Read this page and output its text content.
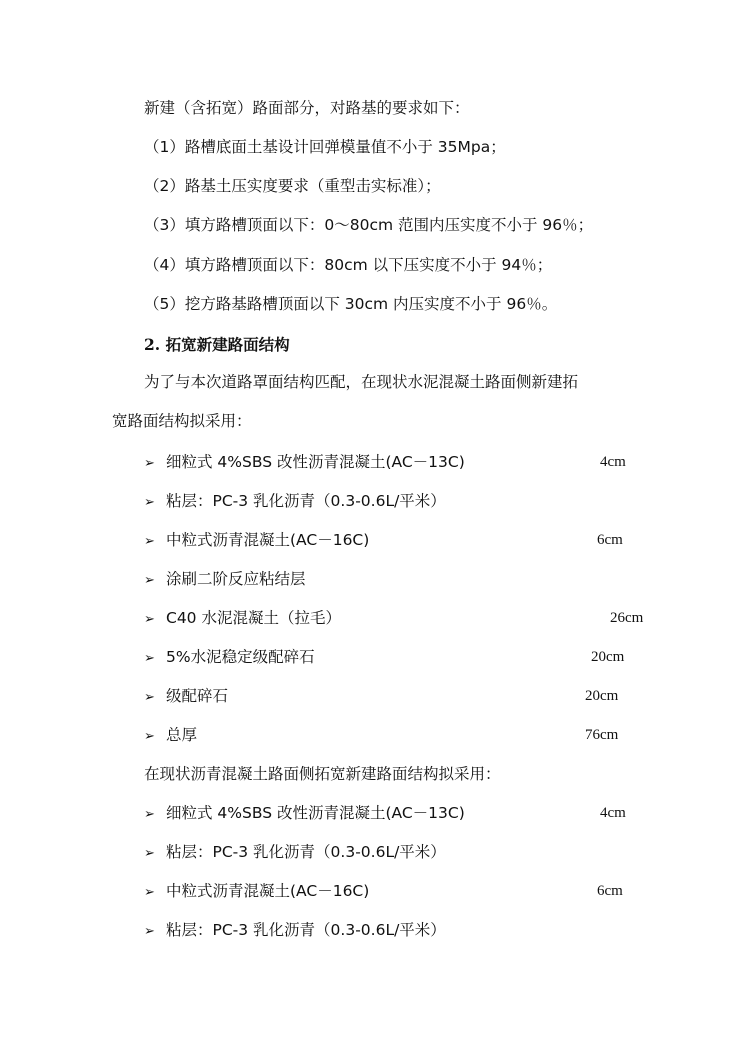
新建（含拓宽）路面部分，对路基的要求如下：
（1）路槽底面土基设计回弹模量值不小于 35Mpa；
（2）路基土压实度要求（重型击实标准）；
（3）填方路槽顶面以下：0～80cm 范围内压实度不小于 96％；
（4）填方路槽顶面以下：80cm 以下压实度不小于 94％；
（5）挖方路基路槽顶面以下 30cm 内压实度不小于 96％。
2. 拓宽新建路面结构
为了与本次道路罩面结构匹配，在现状水泥混凝土路面侧新建拓
宽路面结构拟采用：
➢ 细粒式 4%SBS 改性沥青混凝土(AC－13C)	4cm
➢ 粘层：PC-3 乳化沥青（0.3-0.6L/平米）
➢ 中粒式沥青混凝土(AC－16C)	6cm
➢ 涂刷二阶反应粘结层
➢ C40 水泥混凝土（拉毛）	26cm
➢ 5%水泥稳定级配碎石	20cm
➢ 级配碎石	20cm
➢ 总厚	76cm
在现状沥青混凝土路面侧拓宽新建路面结构拟采用：
➢ 细粒式 4%SBS 改性沥青混凝土(AC－13C)	4cm
➢ 粘层：PC-3 乳化沥青（0.3-0.6L/平米）
➢ 中粒式沥青混凝土(AC－16C)	6cm
➢ 粘层：PC-3 乳化沥青（0.3-0.6L/平米）
